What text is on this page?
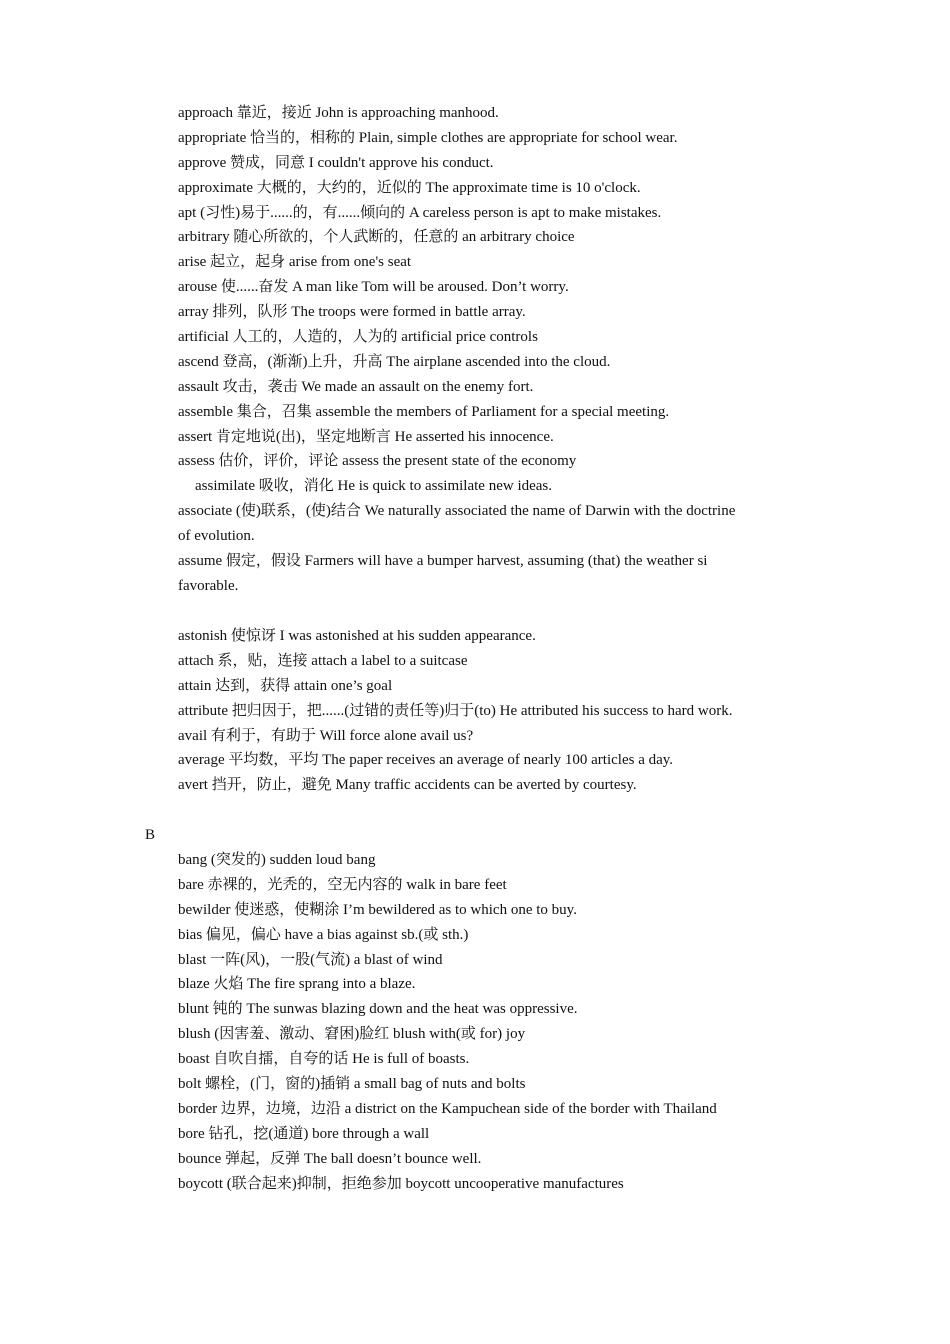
approach 靠近，接近 John is approaching manhood.
appropriate 恰当的，相称的 Plain, simple clothes are appropriate for school wear.
approve 赞成，同意 I couldn't approve his conduct.
approximate 大概的，大约的，近似的 The approximate time is 10 o'clock.
apt (习性)易于......的，有......倾向的 A careless person is apt to make mistakes.
arbitrary 随心所欲的，个人武断的，任意的 an arbitrary choice
arise 起立，起身 arise from one's seat
arouse 使......奋发 A man like Tom will be aroused. Don’t worry.
array 排列，队形 The troops were formed in battle array.
artificial 人工的，人造的，人为的 artificial price controls
ascend 登高，(渐渐)上升，升高 The airplane ascended into the cloud.
assault 攻击，袭击 We made an assault on the enemy fort.
assemble 集合，召集 assemble the members of Parliament for a special meeting.
assert 肯定地说(出)，坚定地断言 He asserted his innocence.
assess 估价，评价，评论 assess the present state of the economy
assimilate 吸收，消化 He is quick to assimilate new ideas.
associate (使)联系，(使)结合 We naturally associated the name of Darwin with the doctrine
of evolution.
assume 假定，假设 Farmers will have a bumper harvest, assuming (that) the weather si
favorable.
astonish 使惊讶 I was astonished at his sudden appearance.
attach 系，贴，连接 attach a label to a suitcase
attain 达到，获得 attain one’s goal
attribute 把归因于，把......(过错的责任等)归于(to) He attributed his success to hard work.
avail 有利于，有助于 Will force alone avail us?
average 平均数，平均 The paper receives an average of nearly 100 articles a day.
avert 挡开，防止，避免 Many traffic accidents can be averted by courtesy.
B
bang (突发的) sudden loud bang
bare 赤裸的，光秃的，空无内容的 walk in bare feet
bewilder 使迷惑，使糊涂 I’m bewildered as to which one to buy.
bias 偏见，偏心 have a bias against sb.(或 sth.)
blast 一阵(风)，一股(气流) a blast of wind
blaze 火焰 The fire sprang into a blaze.
blunt 钝的 The sunwas blazing down and the heat was oppressive.
blush (因害羞、激动、窘困)脸红 blush with(或 for) joy
boast 自吹自擂，自夸的话 He is full of boasts.
bolt 螺栓，(门，窗的)插销 a small bag of nuts and bolts
border 边界，边境，边沿 a district on the Kampuchean side of the border with Thailand
bore 钻孔，挖(通道) bore through a wall
bounce 弹起，反弹 The ball doesn’t bounce well.
boycott (联合起来)抑制，拒绝参加 boycott uncooperative manufactures
